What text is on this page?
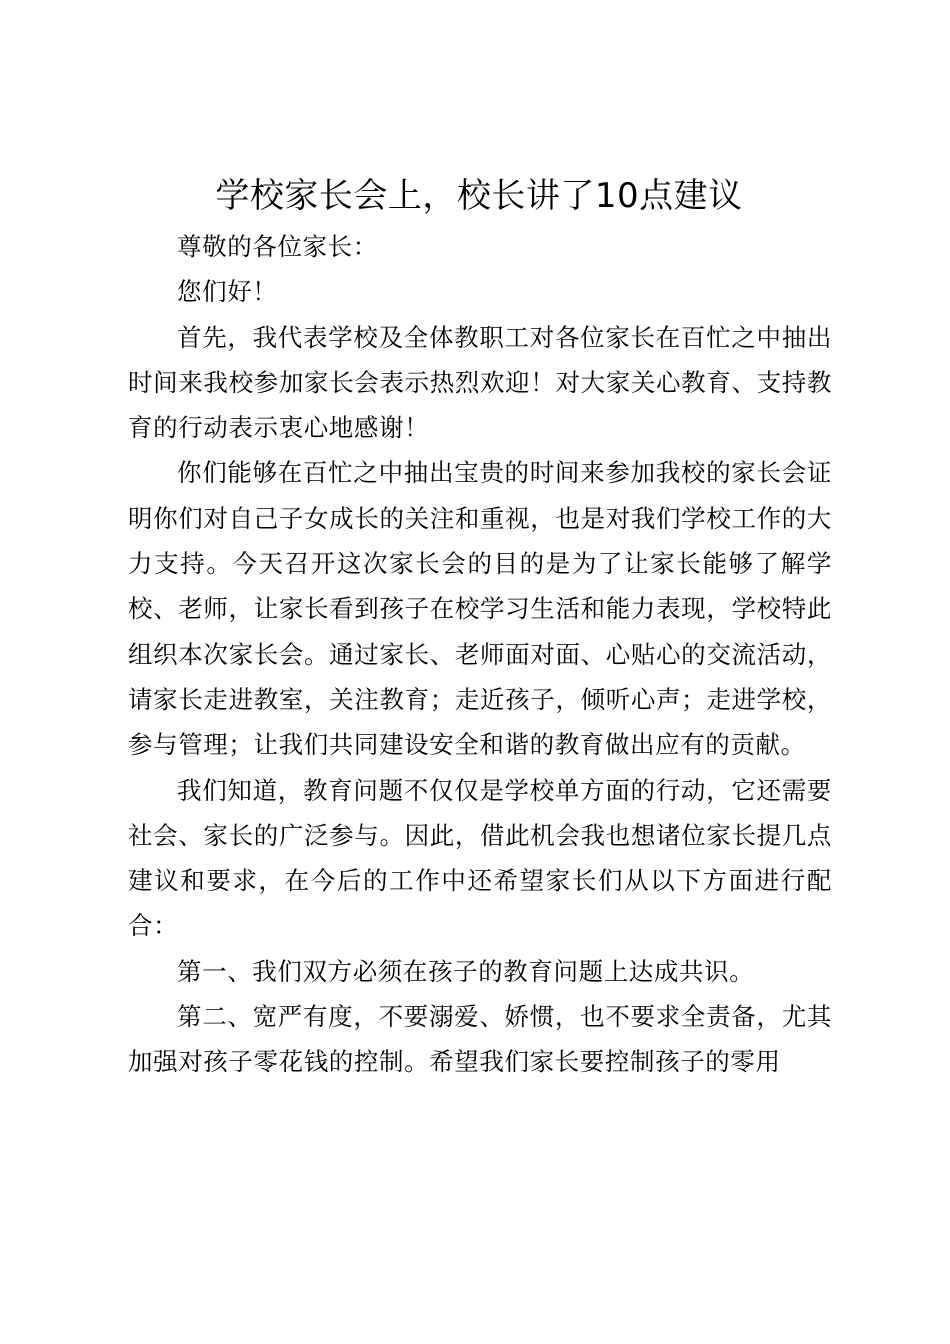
学校家长会上，校长讲了10点建议

尊敬的各位家长：

您们好！

首先，我代表学校及全体教职工对各位家长在百忙之中抽出时间来我校参加家长会表示热烈欢迎！对大家关心教育、支持教育的行动表示衷心地感谢！

你们能够在百忙之中抽出宝贵的时间来参加我校的家长会证明你们对自己子女成长的关注和重视，也是对我们学校工作的大力支持。今天召开这次家长会的目的是为了让家长能够了解学校、老师，让家长看到孩子在校学习生活和能力表现，学校特此组织本次家长会。通过家长、老师面对面、心贴心的交流活动，请家长走进教室，关注教育；走近孩子，倾听心声；走进学校，参与管理；让我们共同建设安全和谐的教育做出应有的贡献。

我们知道，教育问题不仅仅是学校单方面的行动，它还需要社会、家长的广泛参与。因此，借此机会我也想诸位家长提几点建议和要求，在今后的工作中还希望家长们从以下方面进行配合：

第一、我们双方必须在孩子的教育问题上达成共识。

第二、宽严有度，不要溺爱、娇惯，也不要求全责备，尤其加强对孩子零花钱的控制。希望我们家长要控制孩子的零用
